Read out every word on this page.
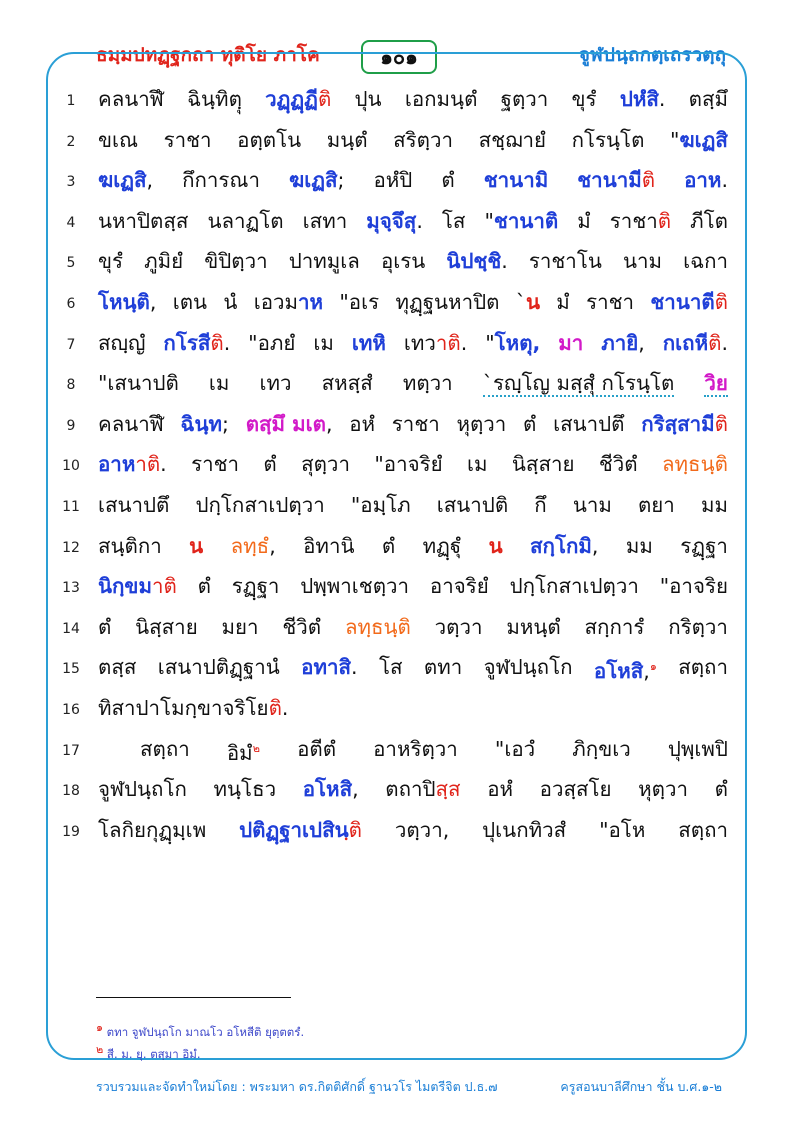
ธมฺมปทฏฺฐกถา ทุติโย ภาโค	๑๐๑	จูฬปนฺถกตฺเถรวตฺถุ
1	คลนาฬึ ฉินฺทิตฺุ วฏฺฏฺฏีติ ปุน เอกมนฺตํ ฐตฺวา ขุรํ ปหํสิ. ตสฺมึ
2	ขเณ ราชา อตฺตโน มนฺตํ สริตฺวา สชฺฌายํ กโรนฺโต "ฆเฏสิ
3	ฆเฏสิ, กึการณา ฆเฏสิ; อหํปิ ตํ ชานามิ ชานามีติ อาห.
4	นหาปิตสฺส นลาฏโต เสทา มุจฺจึสุ. โส "ชานาติ มํ ราชาติ ภีโต
5	ขุรํ ภูมิยํ ขิปิตฺวา ปาทมูเล อุเรน นิปชฺชิ. ราชาโน นาม เฉกา
6	โหนฺติ, เตน นํ เอวมาห "อเร ทุฏฺฐนหาปิต `น มํ ราชา ชานาตีติ
7	สญฺญํ กโรสีติ. "อภยํ เม เทหิ เทวาติ. "โหตุ, มา ภายิ, กเถหีติ.
8	"เสนาปติ เม เทว สหสฺสํ ทตฺวา `รญฺโญ มสฺสุํ กโรนฺโต วิย
9	คลนาฬึ ฉินฺท; ตสฺมึ มเต, อหํ ราชา หุตฺวา ตํ เสนาปตึ กริสฺสามีติ
10 อาหาติ. ราชา ตํ สุตฺวา "อาจริยํ เม นิสฺสาย ชีวิตํ ลทฺธนฺติ
11 เสนาปตึ ปกฺโกสาเปตฺวา "อมฺโภ เสนาปติ กึ นาม ตยา มม
12 สนฺติกา น ลทฺธํ, อิทานิ ตํ ทฏฺฐุํ น สกฺโกมิ, มม รฏฺฐา
13 นิกฺขมาติ ตํ รฏฺฐา ปพฺพาเชตฺวา อาจริยํ ปกฺโกสาเปตฺวา "อาจริย
14 ตํ นิสฺสาย มยา ชีวิตํ ลทฺธนฺติ วตฺวา มหนฺตํ สกฺการํ กริตฺวา
15 ตสฺส เสนาปติฏฺฐานํ อทาสิ. โส ตทา จูฬปนฺถโก อโหสิ,$^๑$ สตฺถา
16 ทิสาปาโมกฺขาจริโยติ.
17	สตฺถา อิมํ$^๒$ อตีตํ อาหริตฺวา "เอวํ ภิกฺขเว ปุพฺเพปิ
18 จูฬปนฺถโก ทนฺโธว อโหสิ, ตถาปิสฺส อหํ อวสฺสโย หุตฺวา ตํ
19 โลกิยกุฏฺมฺเพ ปติฏฺฐาเปสินฺติ วตฺวา, ปุเนกทิวสํ "อโห สตฺถา
๑ ตทา จูฬปนฺถโก มาณโว อโหสีติ ยุตฺตตรํ.
๒ สี. ม. ยุ. ตสฺมา อิมํ.
รวบรวมและจัดทำใหม่โดย : พระมหา ดร.กิตติศักดิ์ ฐานวโร ไมตรีจิต ป.ธ.๗	ครูสอนบาลีศึกษา ชั้น บ.ศ.๑-๒
